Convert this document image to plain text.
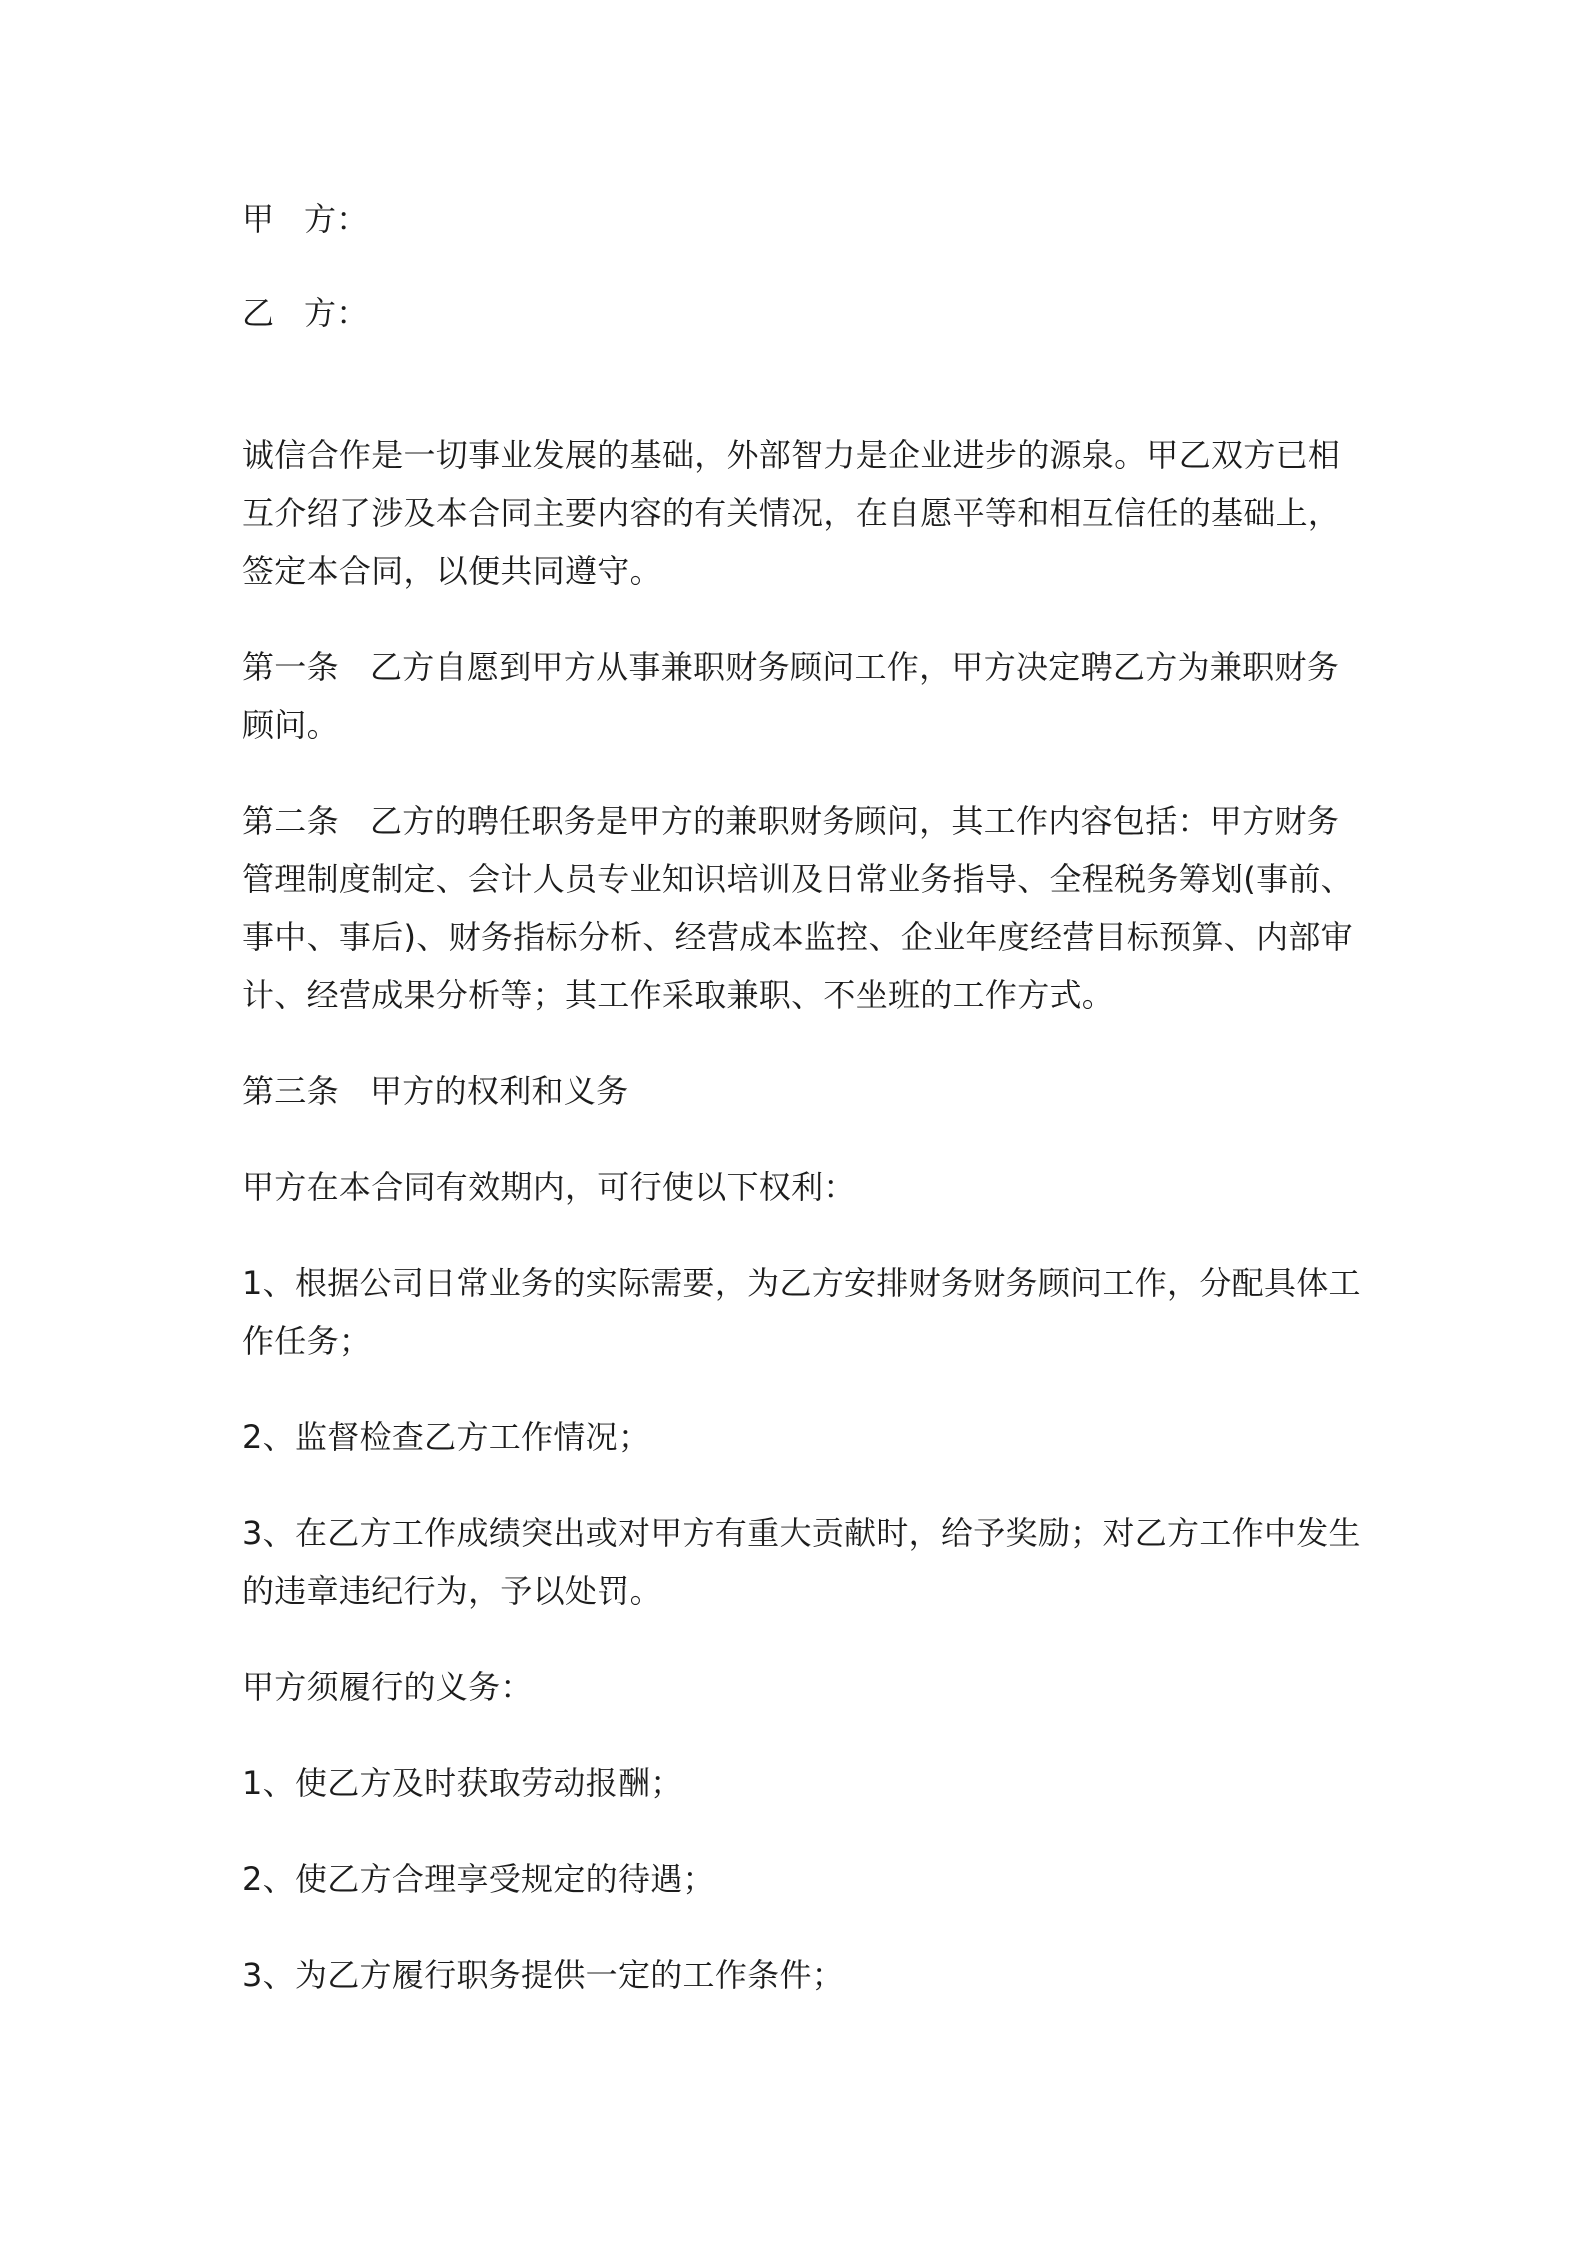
甲 方：

乙 方：

诚信合作是一切事业发展的基础，外部智力是企业进步的源泉。甲乙双方已相互介绍了涉及本合同主要内容的有关情况，在自愿平等和相互信任的基础上，签定本合同，以便共同遵守。

第一条 乙方自愿到甲方从事兼职财务顾问工作，甲方决定聘乙方为兼职财务顾问。

第二条 乙方的聘任职务是甲方的兼职财务顾问，其工作内容包括：甲方财务管理制度制定、会计人员专业知识培训及日常业务指导、全程税务筹划(事前、事中、事后)、财务指标分析、经营成本监控、企业年度经营目标预算、内部审计、经营成果分析等；其工作采取兼职、不坐班的工作方式。

第三条 甲方的权利和义务

甲方在本合同有效期内，可行使以下权利：

1、根据公司日常业务的实际需要，为乙方安排财务财务顾问工作，分配具体工作任务；

2、监督检查乙方工作情况；

3、在乙方工作成绩突出或对甲方有重大贡献时，给予奖励；对乙方工作中发生的违章违纪行为，予以处罚。

甲方须履行的义务：

1、使乙方及时获取劳动报酬；

2、使乙方合理享受规定的待遇；

3、为乙方履行职务提供一定的工作条件；
